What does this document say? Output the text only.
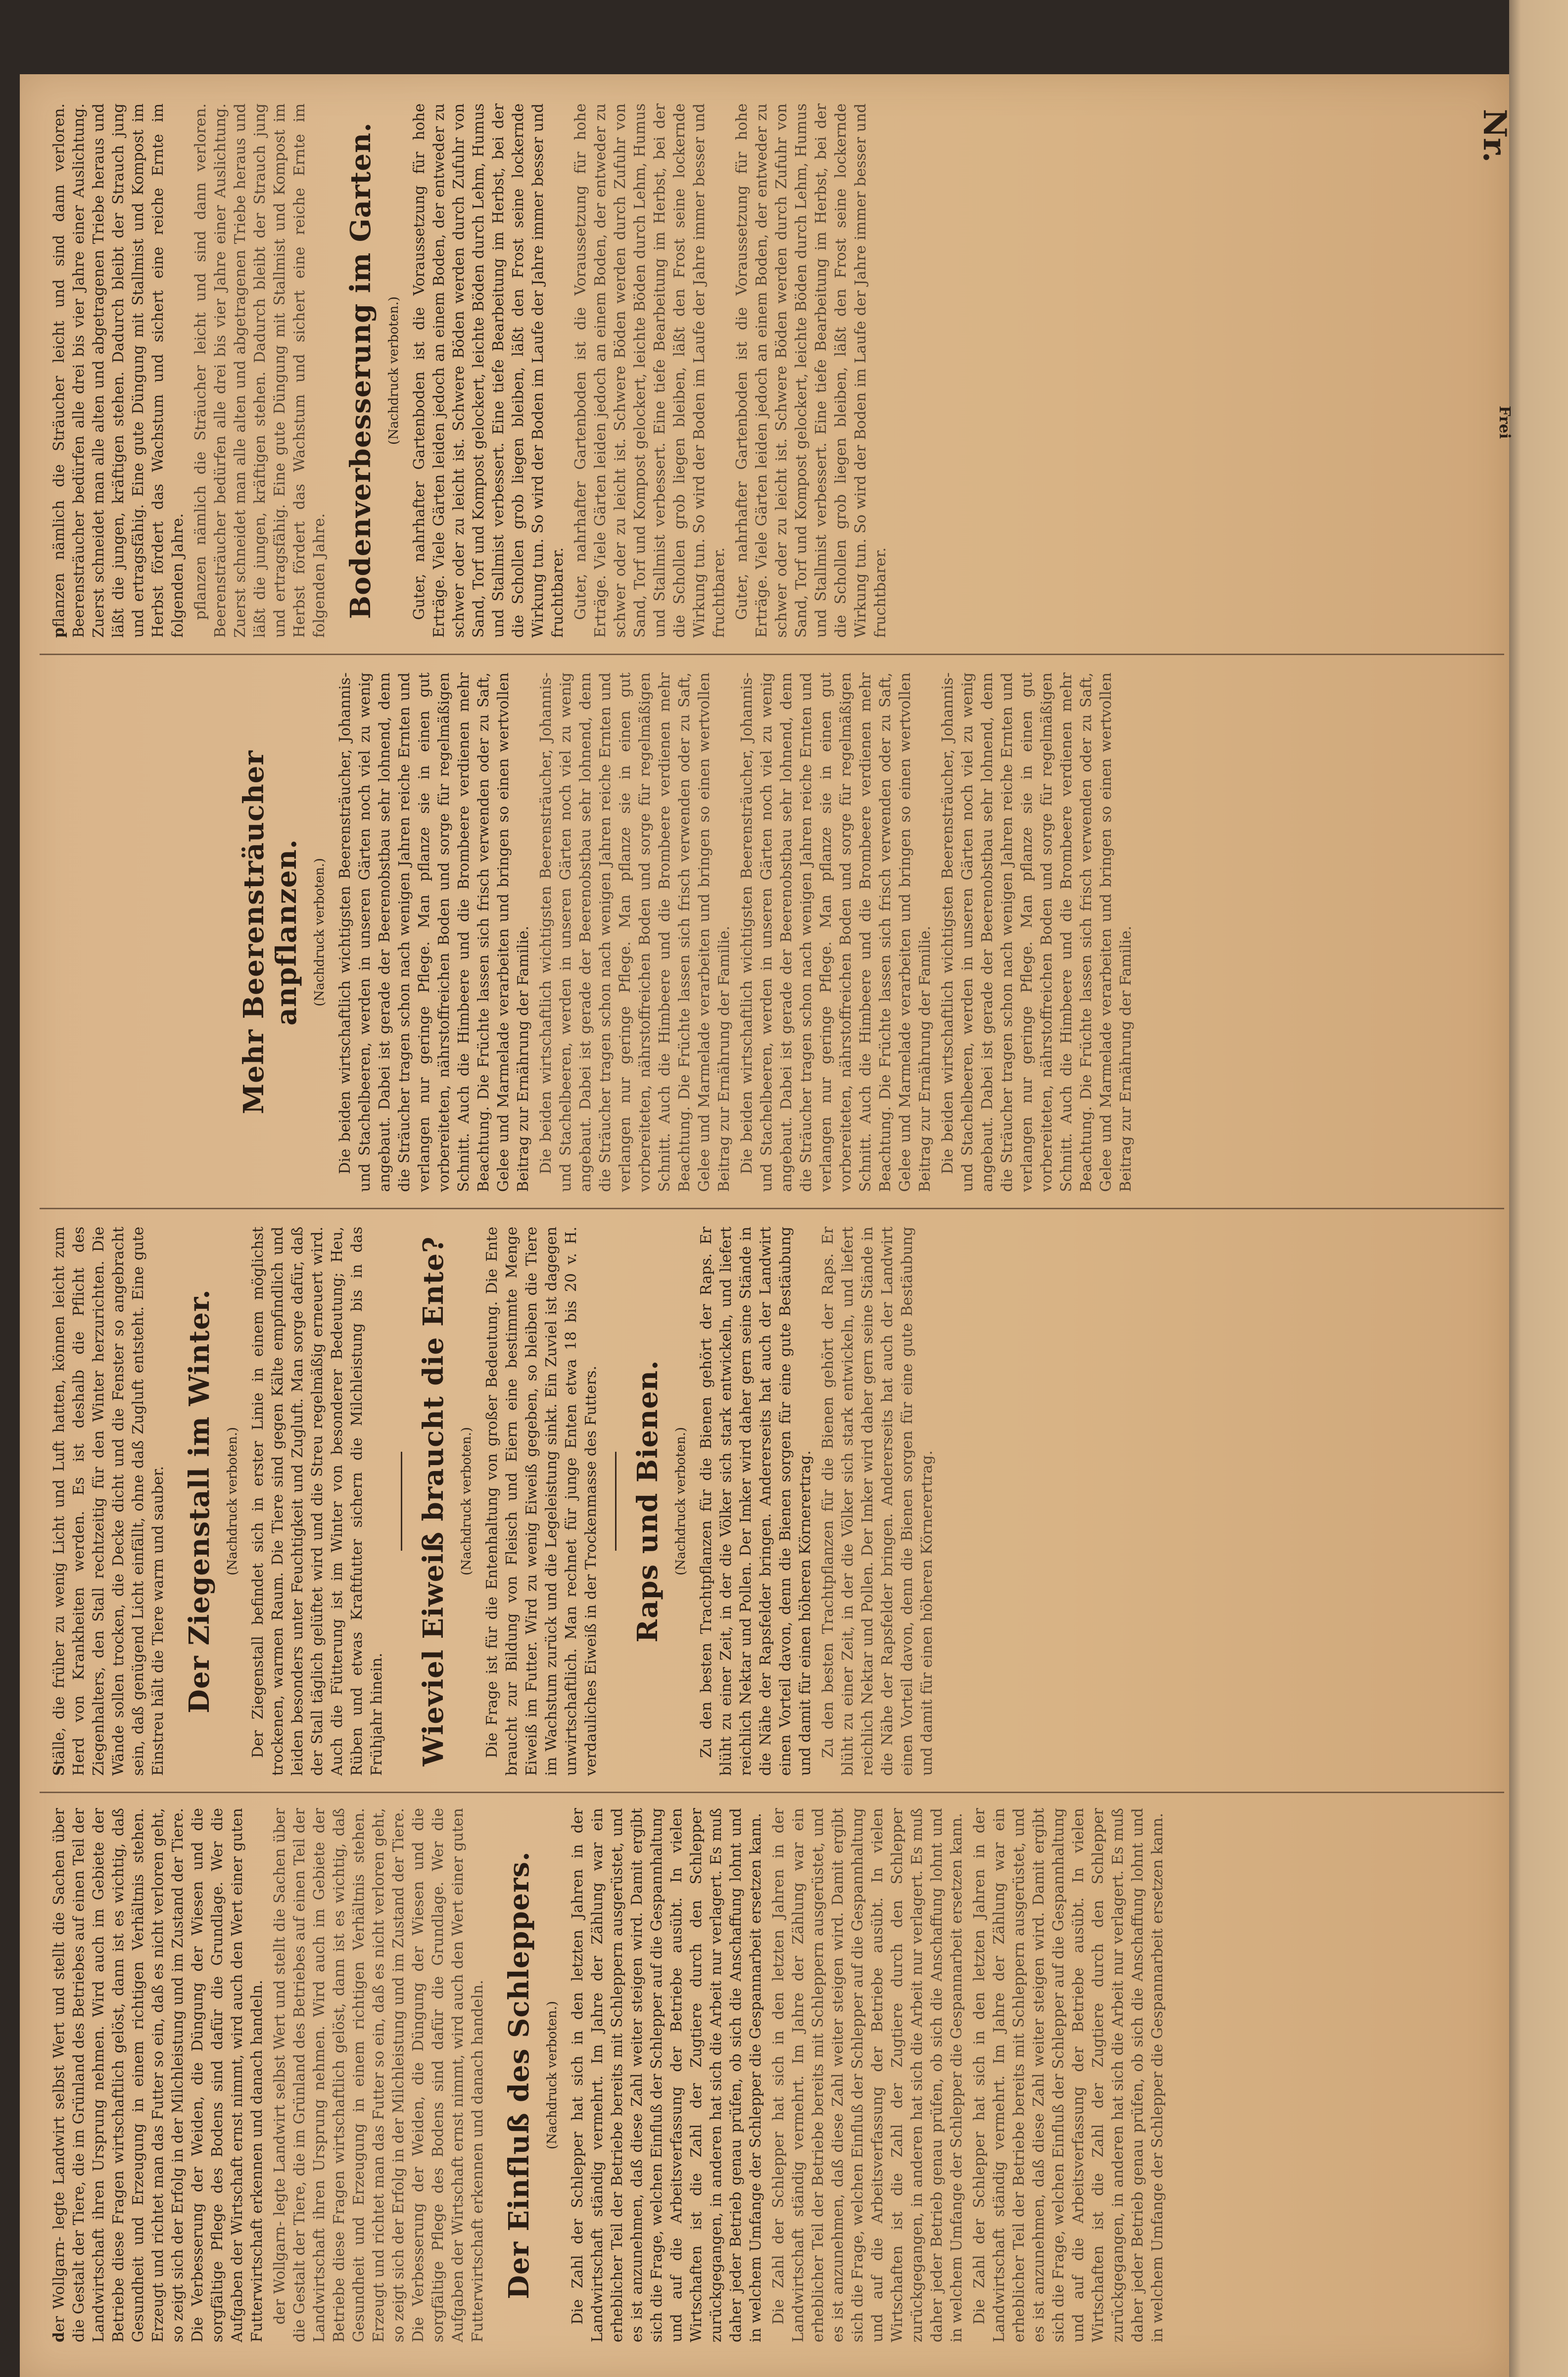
Nr.
Frei

der Wollgarn- legte Landwirt selbst Wert und stellt die Sachen über die Gestalt der Tiere, die im Grünland des Betriebes auf einen Teil der Landwirtschaft ihren Ursprung nehmen. Wird auch im Gebiete der Betriebe diese Fragen wirtschaftlich gelöst, dann ist es wichtig, daß Gesundheit und Erzeugung in einem richtigen Verhältnis stehen. Erzeugt und richtet man das Futter so ein, daß es nicht verloren geht, so zeigt sich der Erfolg in der Milchleistung und im Zustand der Tiere. Die Verbesserung der Weiden, die Düngung der Wiesen und die sorgfältige Pflege des Bodens sind dafür die Grundlage. Wer die Aufgaben der Wirtschaft ernst nimmt, wird auch den Wert einer guten Futterwirtschaft erkennen und danach handeln. der Wollgarn- legte Landwirt selbst Wert und stellt die Sachen über die Gestalt der Tiere, die im Grünland des Betriebes auf einen Teil der Landwirtschaft ihren Ursprung nehmen. Wird auch im Gebiete der Betriebe diese Fragen wirtschaftlich gelöst, dann ist es wichtig, daß Gesundheit und Erzeugung in einem richtigen Verhältnis stehen. Erzeugt und richtet man das Futter so ein, daß es nicht verloren geht, so zeigt sich der Erfolg in der Milchleistung und im Zustand der Tiere. Die Verbesserung der Weiden, die Düngung der Wiesen und die sorgfältige Pflege des Bodens sind dafür die Grundlage. Wer die Aufgaben der Wirtschaft ernst nimmt, wird auch den Wert einer guten Futterwirtschaft erkennen und danach handeln. Der Einfluß des Schleppers. (Nachdruck verboten.) Die Zahl der Schlepper hat sich in den letzten Jahren in der Landwirtschaft ständig vermehrt. Im Jahre der Zählung war ein erheblicher Teil der Betriebe bereits mit Schleppern ausgerüstet, und es ist anzunehmen, daß diese Zahl weiter steigen wird. Damit ergibt sich die Frage, welchen Einfluß der Schlepper auf die Gespannhaltung und auf die Arbeitsverfassung der Betriebe ausübt. In vielen Wirtschaften ist die Zahl der Zugtiere durch den Schlepper zurückgegangen, in anderen hat sich die Arbeit nur verlagert. Es muß daher jeder Betrieb genau prüfen, ob sich die Anschaffung lohnt und in welchem Umfange der Schlepper die Gespannarbeit ersetzen kann. Die Zahl der Schlepper hat sich in den letzten Jahren in der Landwirtschaft ständig vermehrt. Im Jahre der Zählung war ein erheblicher Teil der Betriebe bereits mit Schleppern ausgerüstet, und es ist anzunehmen, daß diese Zahl weiter steigen wird. Damit ergibt sich die Frage, welchen Einfluß der Schlepper auf die Gespannhaltung und auf die Arbeitsverfassung der Betriebe ausübt. In vielen Wirtschaften ist die Zahl der Zugtiere durch den Schlepper zurückgegangen, in anderen hat sich die Arbeit nur verlagert. Es muß daher jeder Betrieb genau prüfen, ob sich die Anschaffung lohnt und in welchem Umfange der Schlepper die Gespannarbeit ersetzen kann. Die Zahl der Schlepper hat sich in den letzten Jahren in der Landwirtschaft ständig vermehrt. Im Jahre der Zählung war ein erheblicher Teil der Betriebe bereits mit Schleppern ausgerüstet, und es ist anzunehmen, daß diese Zahl weiter steigen wird. Damit ergibt sich die Frage, welchen Einfluß der Schlepper auf die Gespannhaltung und auf die Arbeitsverfassung der Betriebe ausübt. In vielen Wirtschaften ist die Zahl der Zugtiere durch den Schlepper zurückgegangen, in anderen hat sich die Arbeit nur verlagert. Es muß daher jeder Betrieb genau prüfen, ob sich die Anschaffung lohnt und in welchem Umfange der Schlepper die Gespannarbeit ersetzen kann.

Ställe, die früher zu wenig Licht und Luft hatten, können leicht zum Herd von Krankheiten werden. Es ist deshalb die Pflicht des Ziegenhalters, den Stall rechtzeitig für den Winter herzurichten. Die Wände sollen trocken, die Decke dicht und die Fenster so angebracht sein, daß genügend Licht einfällt, ohne daß Zugluft entsteht. Eine gute Einstreu hält die Tiere warm und sauber. Der Ziegenstall im Winter. (Nachdruck verboten.) Der Ziegenstall befindet sich in erster Linie in einem möglichst trockenen, warmen Raum. Die Tiere sind gegen Kälte empfindlich und leiden besonders unter Feuchtigkeit und Zugluft. Man sorge dafür, daß der Stall täglich gelüftet wird und die Streu regelmäßig erneuert wird. Auch die Fütterung ist im Winter von besonderer Bedeutung; Heu, Rüben und etwas Kraftfutter sichern die Milchleistung bis in das Frühjahr hinein. Wieviel Eiweiß braucht die Ente? (Nachdruck verboten.) Die Frage ist für die Entenhaltung von großer Bedeutung. Die Ente braucht zur Bildung von Fleisch und Eiern eine bestimmte Menge Eiweiß im Futter. Wird zu wenig Eiweiß gegeben, so bleiben die Tiere im Wachstum zurück und die Legeleistung sinkt. Ein Zuviel ist dagegen unwirtschaftlich. Man rechnet für junge Enten etwa 18 bis 20 v. H. verdauliches Eiweiß in der Trockenmasse des Futters. Raps und Bienen. (Nachdruck verboten.) Zu den besten Trachtpflanzen für die Bienen gehört der Raps. Er blüht zu einer Zeit, in der die Völker sich stark entwickeln, und liefert reichlich Nektar und Pollen. Der Imker wird daher gern seine Stände in die Nähe der Rapsfelder bringen. Andererseits hat auch der Landwirt einen Vorteil davon, denn die Bienen sorgen für eine gute Bestäubung und damit für einen höheren Körnerertrag. Zu den besten Trachtpflanzen für die Bienen gehört der Raps. Er blüht zu einer Zeit, in der die Völker sich stark entwickeln, und liefert reichlich Nektar und Pollen. Der Imker wird daher gern seine Stände in die Nähe der Rapsfelder bringen. Andererseits hat auch der Landwirt einen Vorteil davon, denn die Bienen sorgen für eine gute Bestäubung und damit für einen höheren Körnerertrag.

Mehr Beerensträucher anpflanzen. (Nachdruck verboten.) Die beiden wirtschaftlich wichtigsten Beerensträucher, Johannis- und Stachelbeeren, werden in unseren Gärten noch viel zu wenig angebaut. Dabei ist gerade der Beerenobstbau sehr lohnend, denn die Sträucher tragen schon nach wenigen Jahren reiche Ernten und verlangen nur geringe Pflege. Man pflanze sie in einen gut vorbereiteten, nährstoffreichen Boden und sorge für regelmäßigen Schnitt. Auch die Himbeere und die Brombeere verdienen mehr Beachtung. Die Früchte lassen sich frisch verwenden oder zu Saft, Gelee und Marmelade verarbeiten und bringen so einen wertvollen Beitrag zur Ernährung der Familie. Die beiden wirtschaftlich wichtigsten Beerensträucher, Johannis- und Stachelbeeren, werden in unseren Gärten noch viel zu wenig angebaut. Dabei ist gerade der Beerenobstbau sehr lohnend, denn die Sträucher tragen schon nach wenigen Jahren reiche Ernten und verlangen nur geringe Pflege. Man pflanze sie in einen gut vorbereiteten, nährstoffreichen Boden und sorge für regelmäßigen Schnitt. Auch die Himbeere und die Brombeere verdienen mehr Beachtung. Die Früchte lassen sich frisch verwenden oder zu Saft, Gelee und Marmelade verarbeiten und bringen so einen wertvollen Beitrag zur Ernährung der Familie. Die beiden wirtschaftlich wichtigsten Beerensträucher, Johannis- und Stachelbeeren, werden in unseren Gärten noch viel zu wenig angebaut. Dabei ist gerade der Beerenobstbau sehr lohnend, denn die Sträucher tragen schon nach wenigen Jahren reiche Ernten und verlangen nur geringe Pflege. Man pflanze sie in einen gut vorbereiteten, nährstoffreichen Boden und sorge für regelmäßigen Schnitt. Auch die Himbeere und die Brombeere verdienen mehr Beachtung. Die Früchte lassen sich frisch verwenden oder zu Saft, Gelee und Marmelade verarbeiten und bringen so einen wertvollen Beitrag zur Ernährung der Familie. Die beiden wirtschaftlich wichtigsten Beerensträucher, Johannis- und Stachelbeeren, werden in unseren Gärten noch viel zu wenig angebaut. Dabei ist gerade der Beerenobstbau sehr lohnend, denn die Sträucher tragen schon nach wenigen Jahren reiche Ernten und verlangen nur geringe Pflege. Man pflanze sie in einen gut vorbereiteten, nährstoffreichen Boden und sorge für regelmäßigen Schnitt. Auch die Himbeere und die Brombeere verdienen mehr Beachtung. Die Früchte lassen sich frisch verwenden oder zu Saft, Gelee und Marmelade verarbeiten und bringen so einen wertvollen Beitrag zur Ernährung der Familie.

pflanzen nämlich die Sträucher leicht und sind dann verloren. Beerensträucher bedürfen alle drei bis vier Jahre einer Auslichtung. Zuerst schneidet man alle alten und abgetragenen Triebe heraus und läßt die jungen, kräftigen stehen. Dadurch bleibt der Strauch jung und ertragsfähig. Eine gute Düngung mit Stallmist und Kompost im Herbst fördert das Wachstum und sichert eine reiche Ernte im folgenden Jahre. pflanzen nämlich die Sträucher leicht und sind dann verloren. Beerensträucher bedürfen alle drei bis vier Jahre einer Auslichtung. Zuerst schneidet man alle alten und abgetragenen Triebe heraus und läßt die jungen, kräftigen stehen. Dadurch bleibt der Strauch jung und ertragsfähig. Eine gute Düngung mit Stallmist und Kompost im Herbst fördert das Wachstum und sichert eine reiche Ernte im folgenden Jahre. Bodenverbesserung im Garten. (Nachdruck verboten.) Guter, nahrhafter Gartenboden ist die Voraussetzung für hohe Erträge. Viele Gärten leiden jedoch an einem Boden, der entweder zu schwer oder zu leicht ist. Schwere Böden werden durch Zufuhr von Sand, Torf und Kompost gelockert, leichte Böden durch Lehm, Humus und Stallmist verbessert. Eine tiefe Bearbeitung im Herbst, bei der die Schollen grob liegen bleiben, läßt den Frost seine lockernde Wirkung tun. So wird der Boden im Laufe der Jahre immer besser und fruchtbarer. Guter, nahrhafter Gartenboden ist die Voraussetzung für hohe Erträge. Viele Gärten leiden jedoch an einem Boden, der entweder zu schwer oder zu leicht ist. Schwere Böden werden durch Zufuhr von Sand, Torf und Kompost gelockert, leichte Böden durch Lehm, Humus und Stallmist verbessert. Eine tiefe Bearbeitung im Herbst, bei der die Schollen grob liegen bleiben, läßt den Frost seine lockernde Wirkung tun. So wird der Boden im Laufe der Jahre immer besser und fruchtbarer. Guter, nahrhafter Gartenboden ist die Voraussetzung für hohe Erträge. Viele Gärten leiden jedoch an einem Boden, der entweder zu schwer oder zu leicht ist. Schwere Böden werden durch Zufuhr von Sand, Torf und Kompost gelockert, leichte Böden durch Lehm, Humus und Stallmist verbessert. Eine tiefe Bearbeitung im Herbst, bei der die Schollen grob liegen bleiben, läßt den Frost seine lockernde Wirkung tun. So wird der Boden im Laufe der Jahre immer besser und fruchtbarer.
